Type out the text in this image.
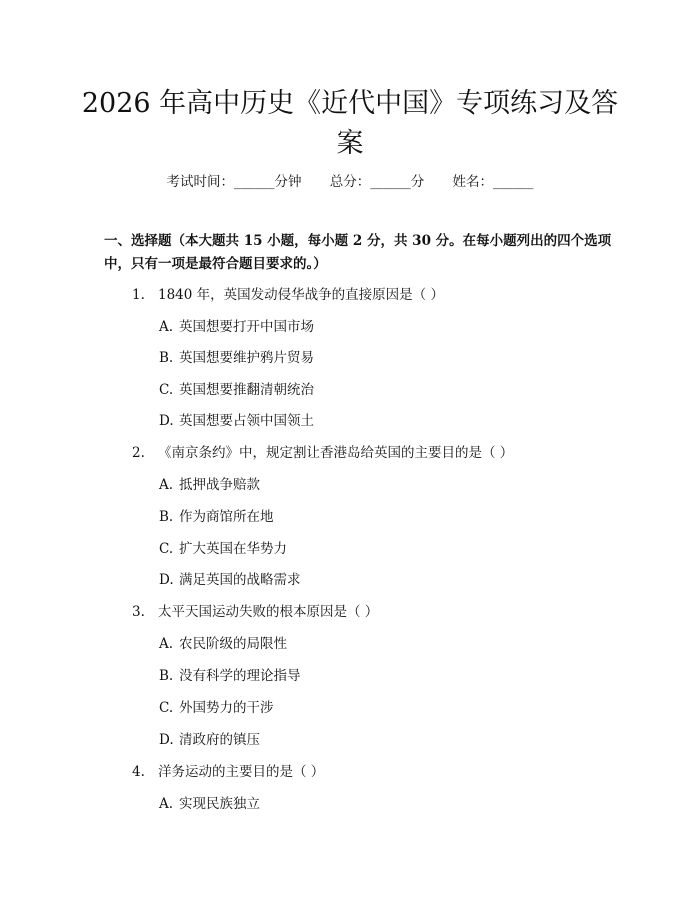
2026 年高中历史《近代中国》专项练习及答
案
考试时间：______分钟 总分：______分 姓名：______
一、选择题（本大题共 15 小题，每小题 2 分，共 30 分。在每小题列出的四个选项中，只有一项是最符合题目要求的。）
1. 1840 年，英国发动侵华战争的直接原因是（ ）
A. 英国想要打开中国市场
B. 英国想要维护鸦片贸易
C. 英国想要推翻清朝统治
D. 英国想要占领中国领土
2. 《南京条约》中，规定割让香港岛给英国的主要目的是（ ）
A. 抵押战争赔款
B. 作为商馆所在地
C. 扩大英国在华势力
D. 满足英国的战略需求
3. 太平天国运动失败的根本原因是（ ）
A. 农民阶级的局限性
B. 没有科学的理论指导
C. 外国势力的干涉
D. 清政府的镇压
4. 洋务运动的主要目的是（ ）
A. 实现民族独立
